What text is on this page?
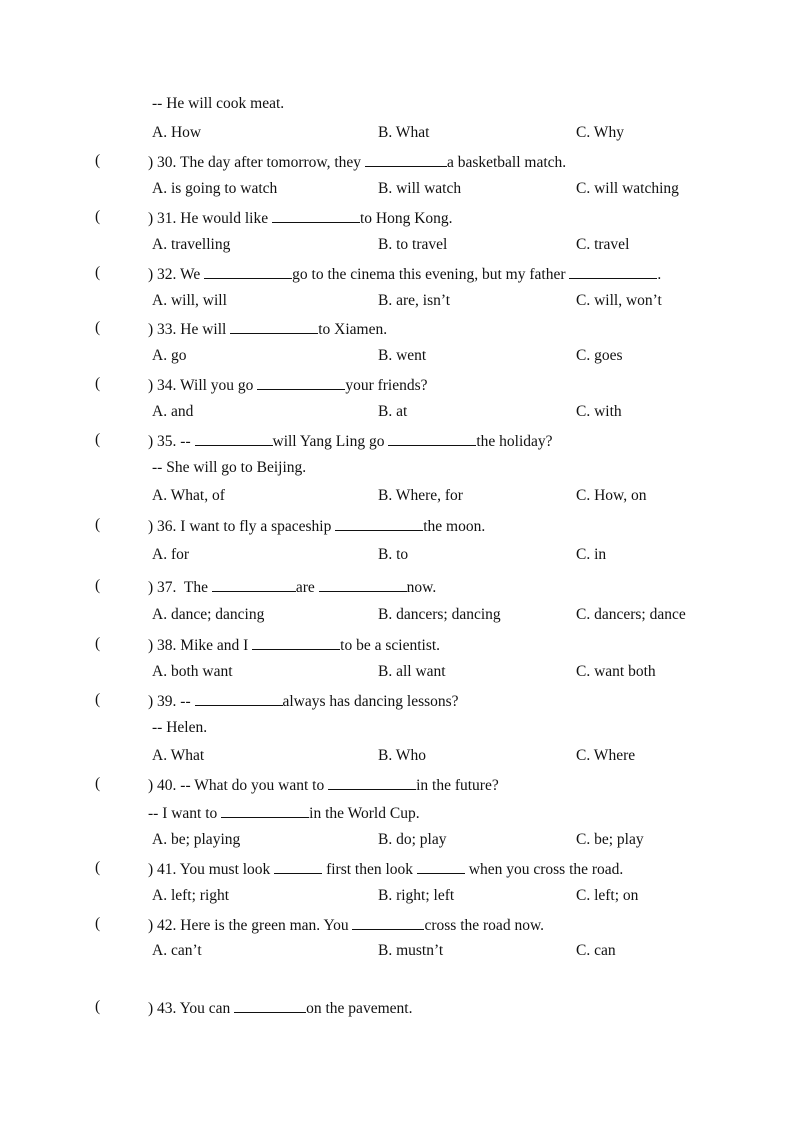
-- He will cook meat.
A. How	B. What	C. Why
(	) 30. The day after tomorrow, they	a basketball match.
A. is going to watch	B. will watch	C. will watching
(	) 31. He would like	to Hong Kong.
A. travelling	B. to travel	C. travel
(	) 32. We	go to the cinema this evening, but my father	.
A. will, will	B. are, isn’t	C. will, won’t
(	) 33. He will	to Xiamen.
A. go	B. went	C. goes
(	) 34. Will you go	your friends?
A. and	B. at	C. with
(	) 35. --	will Yang Ling go	the holiday?
-- She will go to Beijing.
A. What, of	B. Where, for	C. How, on
(	) 36. I want to fly a spaceship	the moon.
A. for	B. to	C. in
(	) 37.  The	are	now.
A. dance; dancing	B. dancers; dancing	C. dancers; dance
(	) 38. Mike and I	to be a scientist.
A. both want	B. all want	C. want both
(	) 39. --	always has dancing lessons?
-- Helen.
A. What	B. Who	C. Where
(	) 40. -- What do you want to	in the future?
-- I want to	in the World Cup.
A. be; playing	B. do; play	C. be; play
(	) 41. You must look	first then look	when you cross the road.
A. left; right	B. right; left	C. left; on
(	) 42. Here is the green man. You	cross the road now.
A. can’t	B. mustn’t	C. can
(	) 43. You can	on the pavement.
